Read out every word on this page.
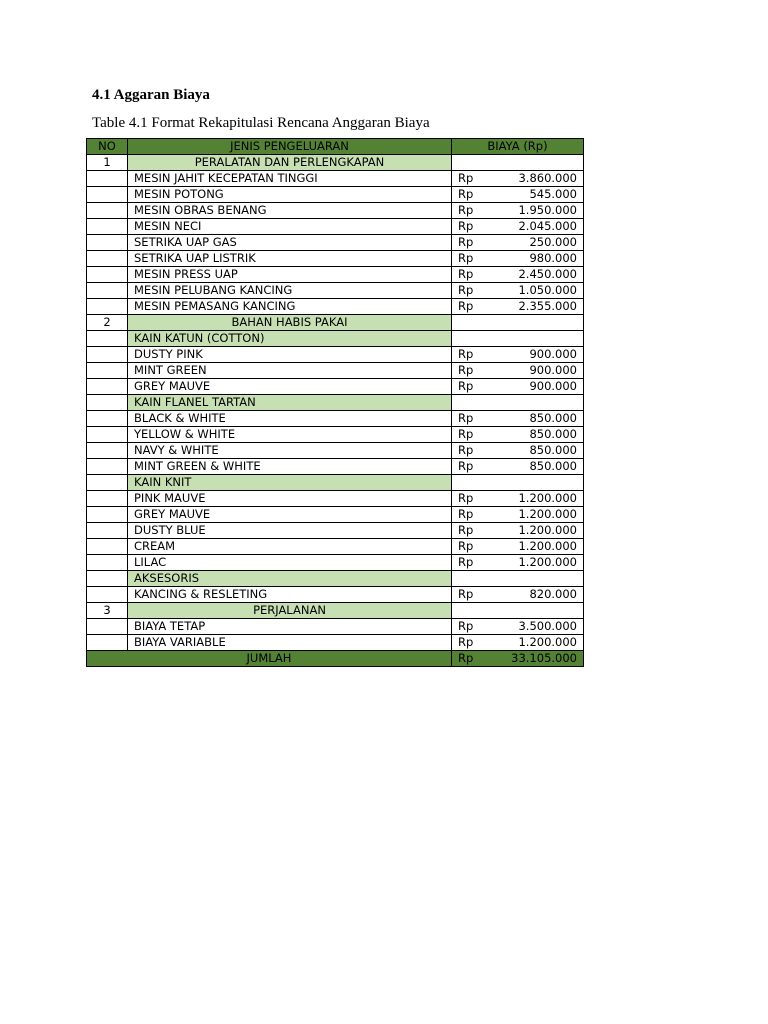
4.1 Aggaran Biaya
Table 4.1 Format Rekapitulasi Rencana Anggaran Biaya
NO	JENIS PENGELUARAN	BIAYA (Rp)	
1	PERALATAN DAN PERLENGKAPAN		
	MESIN JAHIT KECEPATAN TINGGI	Rp	3.860.000
	MESIN POTONG	Rp	545.000
	MESIN OBRAS BENANG	Rp	1.950.000
	MESIN NECI	Rp	2.045.000
	SETRIKA UAP GAS	Rp	250.000
	SETRIKA UAP LISTRIK	Rp	980.000
	MESIN PRESS UAP	Rp	2.450.000
	MESIN PELUBANG KANCING	Rp	1.050.000
	MESIN PEMASANG KANCING	Rp	2.355.000
2	BAHAN HABIS PAKAI		
	KAIN KATUN (COTTON)		
	DUSTY PINK	Rp	900.000
	MINT GREEN	Rp	900.000
	GREY MAUVE	Rp	900.000
	KAIN FLANEL TARTAN		
	BLACK & WHITE	Rp	850.000
	YELLOW & WHITE	Rp	850.000
	NAVY & WHITE	Rp	850.000
	MINT GREEN & WHITE	Rp	850.000
	KAIN KNIT		
	PINK MAUVE	Rp	1.200.000
	GREY MAUVE	Rp	1.200.000
	DUSTY BLUE	Rp	1.200.000
	CREAM	Rp	1.200.000
	LILAC	Rp	1.200.000
	AKSESORIS		
	KANCING & RESLETING	Rp	820.000
3	PERJALANAN		
	BIAYA TETAP	Rp	3.500.000
	BIAYA VARIABLE	Rp	1.200.000
JUMLAH		Rp	33.105.000
